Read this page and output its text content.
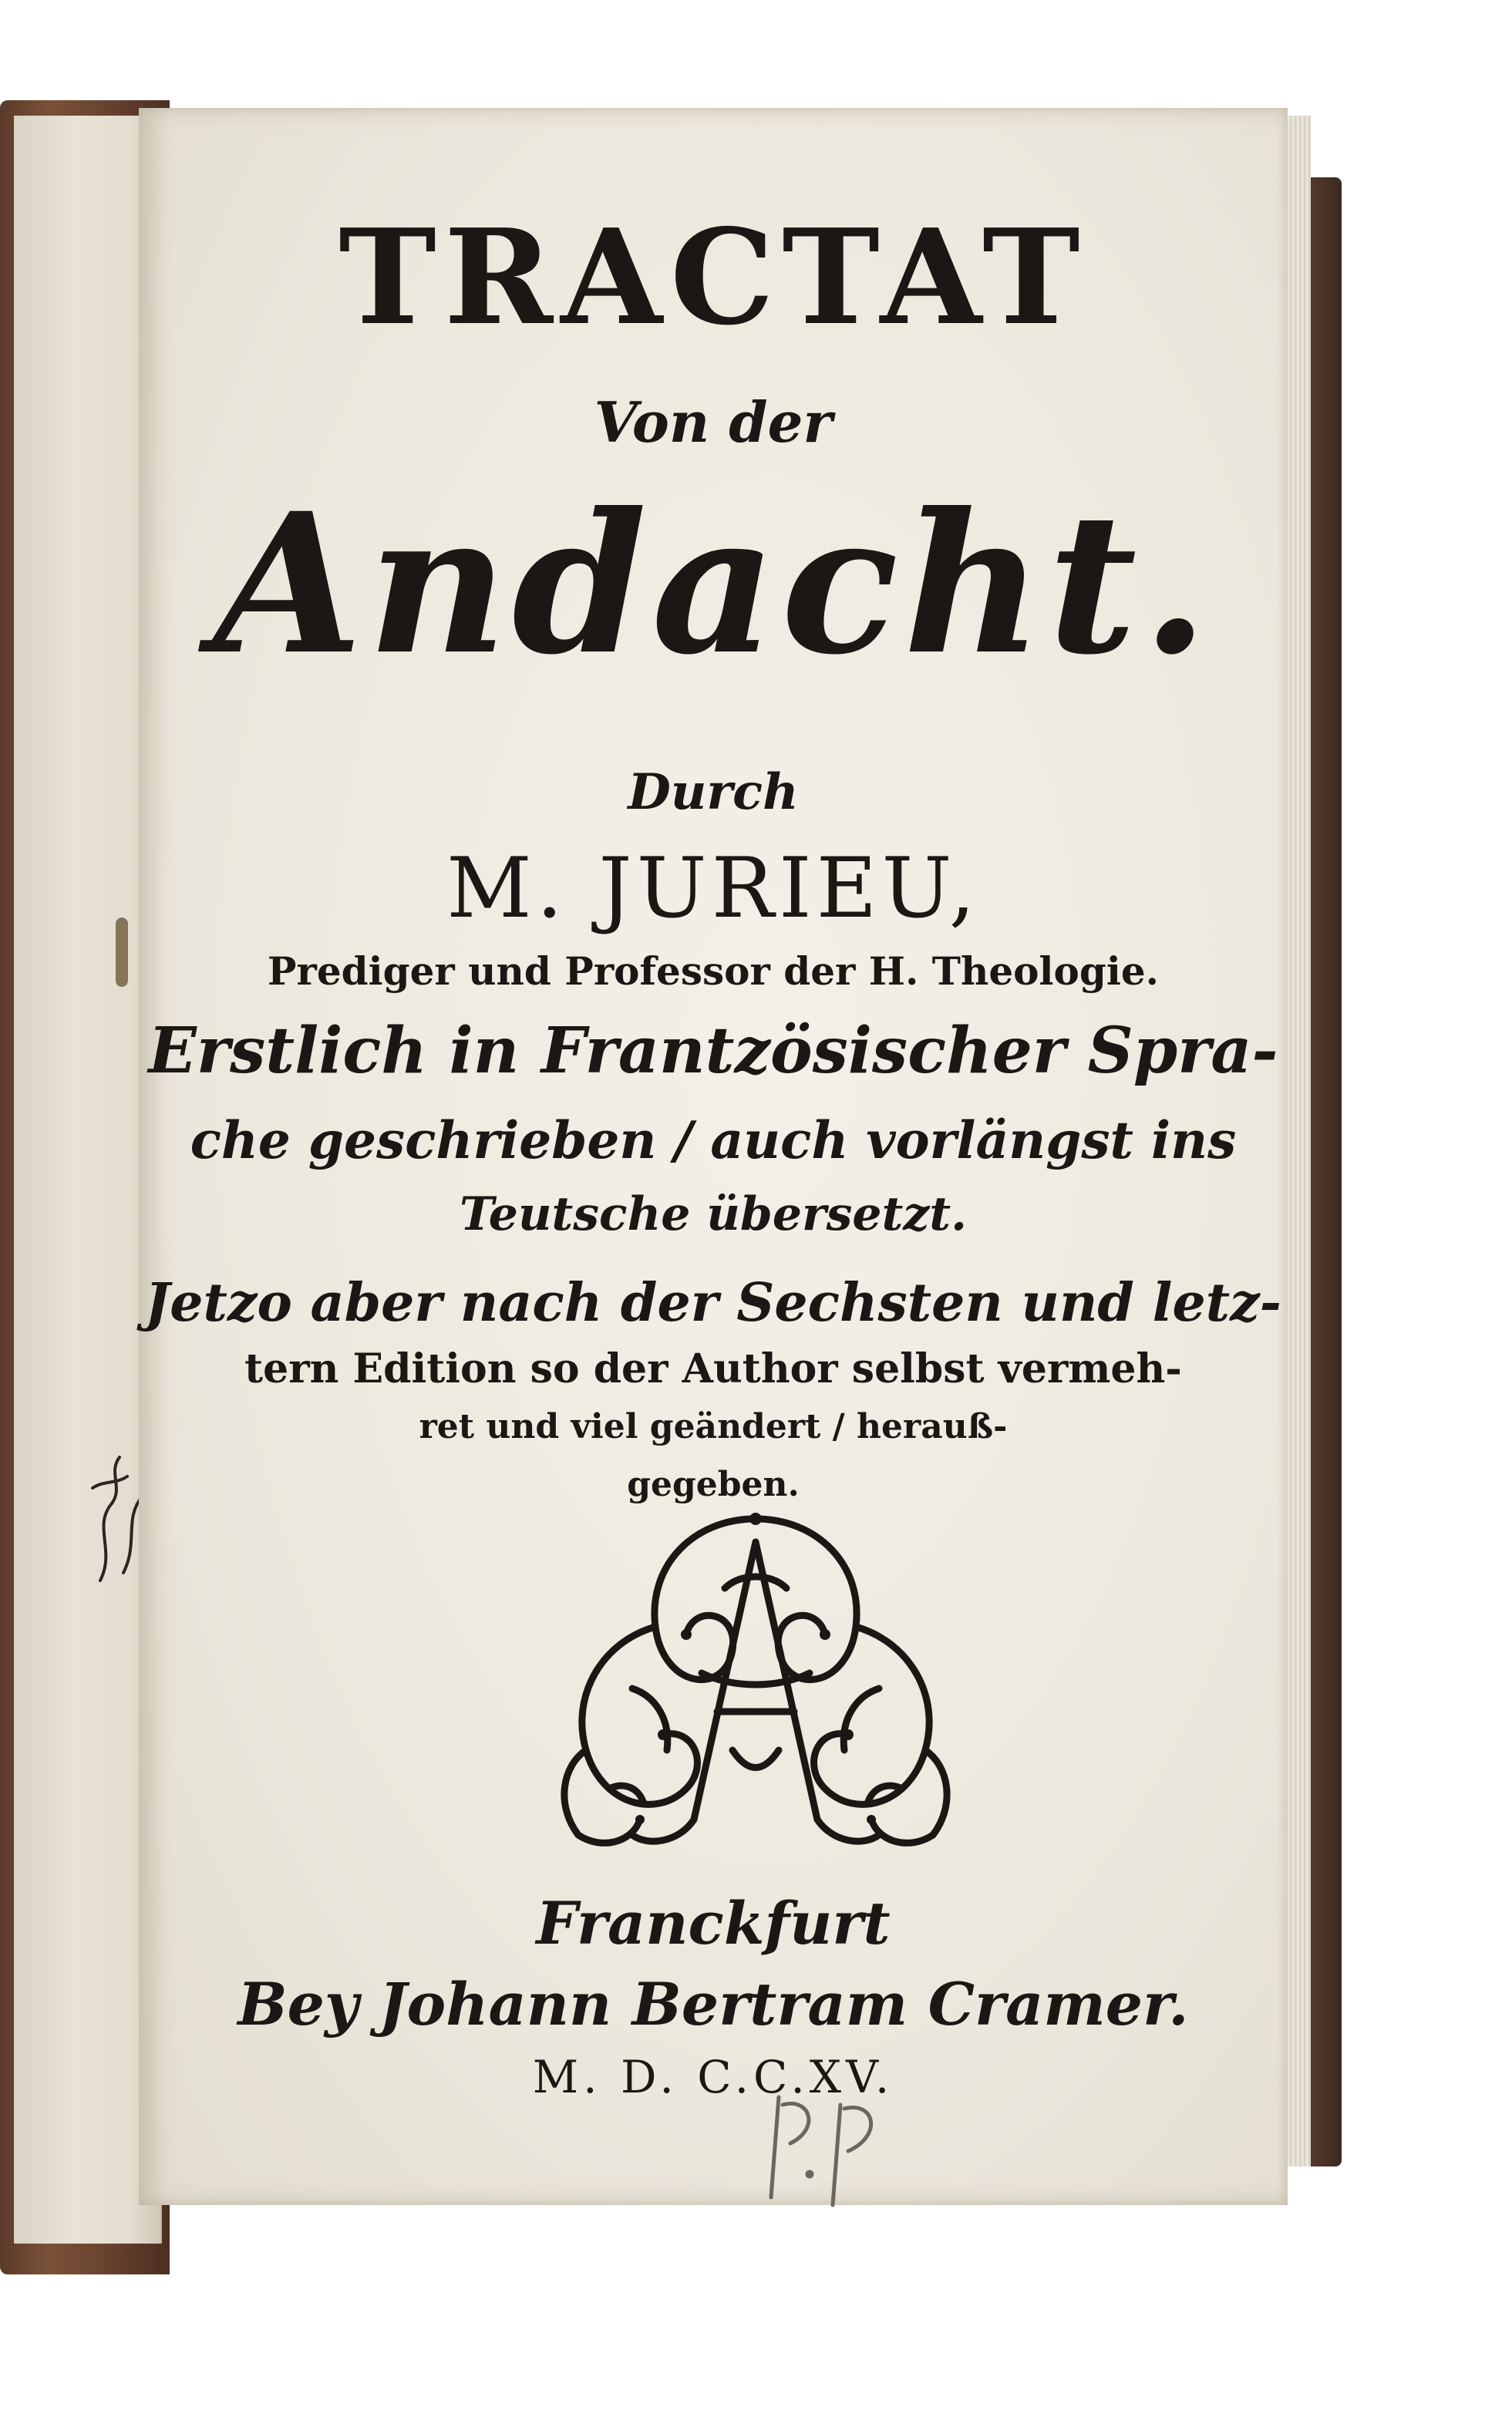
TRACTAT
Von der
Andacht.
Durch
M. JURIEU,
Prediger und Professor der H. Theologie.
Erstlich in Frantzösischer Spra-
che geschrieben / auch vorlängst ins
Teutsche übersetzt.
Jetzo aber nach der Sechsten und letz-
tern Edition so der Author selbst vermeh-
ret und viel geändert / herauß-
gegeben.
Franckfurt
Bey Johann Bertram Cramer.
M. D. C.C.XV.
